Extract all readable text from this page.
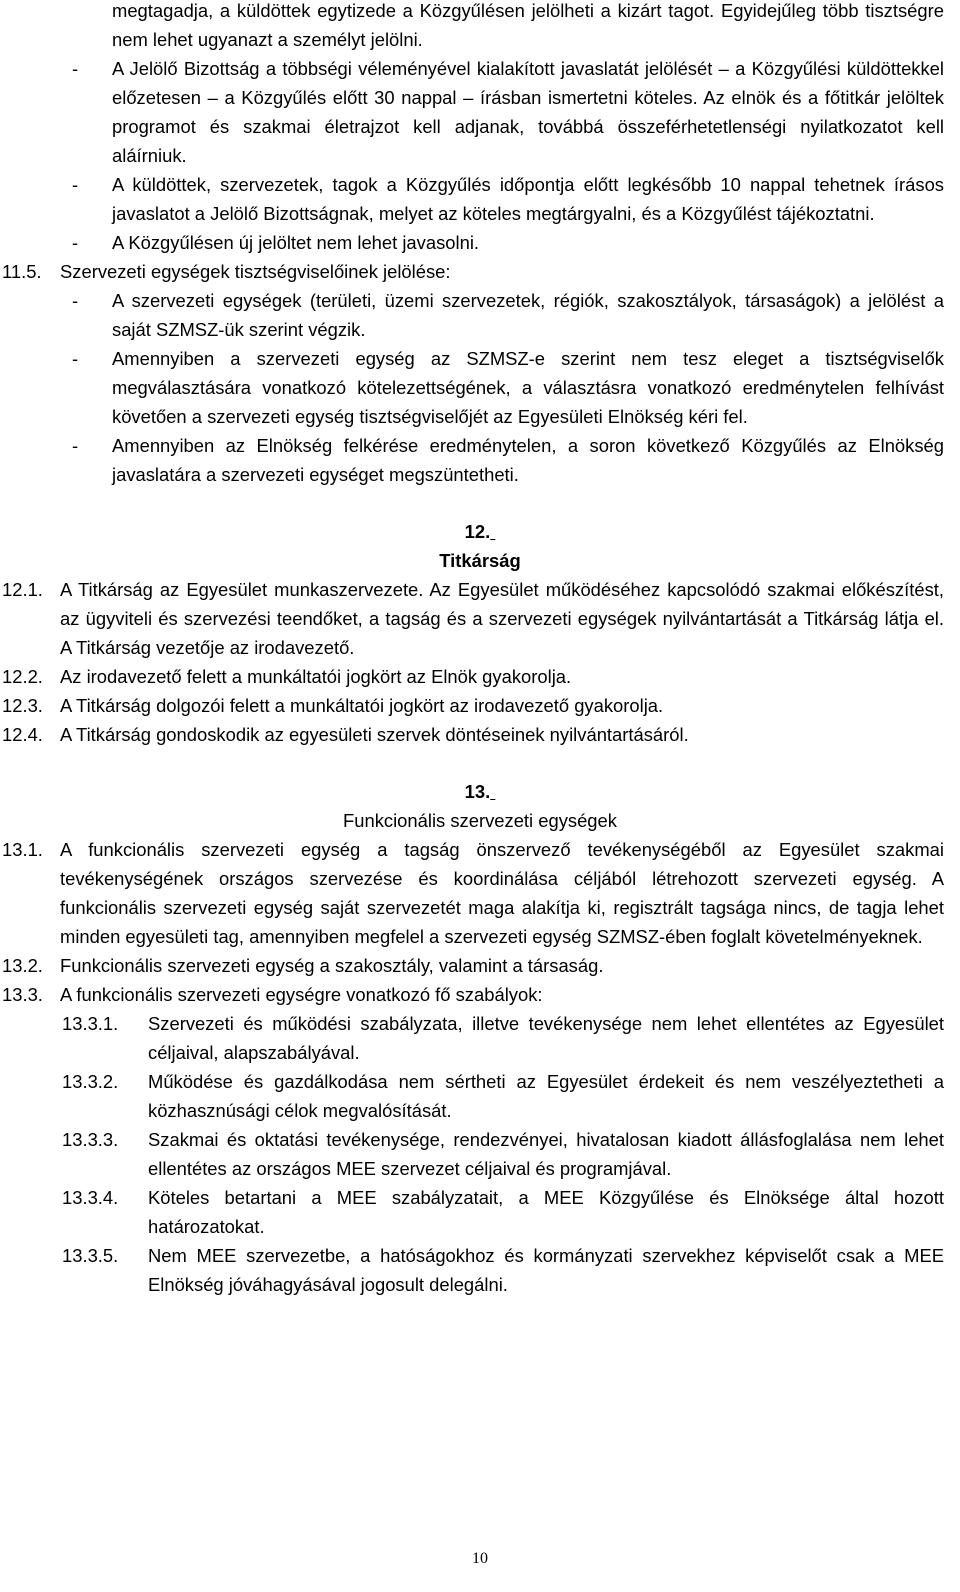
megtagadja, a küldöttek egytizede a Közgyűlésen jelölheti a kizárt tagot. Egyidejűleg több tisztségre nem lehet ugyanazt a személyt jelölni.
-	A Jelölő Bizottság a többségi véleményével kialakított javaslatát jelölését – a Közgyűlési küldöttekkel előzetesen – a Közgyűlés előtt 30 nappal – írásban ismertetni köteles. Az elnök és a főtitkár jelöltek programot és szakmai életrajzot kell adjanak, továbbá összeférhetetlenségi nyilatkozatot kell aláírniuk.
-	A küldöttek, szervezetek, tagok a Közgyűlés időpontja előtt legkésőbb 10 nappal tehetnek írásos javaslatot a Jelölő Bizottságnak, melyet az köteles megtárgyalni, és a Közgyűlést tájékoztatni.
-	A Közgyűlésen új jelöltet nem lehet javasolni.
11.5.	Szervezeti egységek tisztségviselőinek jelölése:
-	A szervezeti egységek (területi, üzemi szervezetek, régiók, szakosztályok, társaságok) a jelölést a saját SZMSZ-ük szerint végzik.
-	Amennyiben a szervezeti egység az SZMSZ-e szerint nem tesz eleget a tisztségviselők megválasztására vonatkozó kötelezettségének, a választásra vonatkozó eredménytelen felhívást követően a szervezeti egység tisztségviselőjét az Egyesületi Elnökség kéri fel.
-	Amennyiben az Elnökség felkérése eredménytelen, a soron következő Közgyűlés az Elnökség javaslatára a szervezeti egységet megszüntetheti.
12.
Titkárság
12.1. A Titkárság az Egyesület munkaszervezete. Az Egyesület működéséhez kapcsolódó szakmai előkészítést, az ügyviteli és szervezési teendőket, a tagság és a szervezeti egységek nyilvántartását a Titkárság látja el. A Titkárság vezetője az irodavezető.
12.2. Az irodavezető felett a munkáltatói jogkört az Elnök gyakorolja.
12.3. A Titkárság dolgozói felett a munkáltatói jogkört az irodavezető gyakorolja.
12.4. A Titkárság gondoskodik az egyesületi szervek döntéseinek nyilvántartásáról.
13.
Funkcionális szervezeti egységek
13.1. A funkcionális szervezeti egység a tagság önszervező tevékenységéből az Egyesület szakmai tevékenységének országos szervezése és koordinálása céljából létrehozott szervezeti egység. A funkcionális szervezeti egység saját szervezetét maga alakítja ki, regisztrált tagsága nincs, de tagja lehet minden egyesületi tag, amennyiben megfelel a szervezeti egység SZMSZ-ében foglalt követelményeknek.
13.2. Funkcionális szervezeti egység a szakosztály, valamint a társaság.
13.3. A funkcionális szervezeti egységre vonatkozó fő szabályok:
13.3.1.	Szervezeti és működési szabályzata, illetve tevékenysége nem lehet ellentétes az Egyesület céljaival, alapszabályával.
13.3.2.	Működése és gazdálkodása nem sértheti az Egyesület érdekeit és nem veszélyeztetheti a közhasznúsági célok megvalósítását.
13.3.3.	Szakmai és oktatási tevékenysége, rendezvényei, hivatalosan kiadott állásfoglalása nem lehet ellentétes az országos MEE szervezet céljaival és programjával.
13.3.4.	Köteles betartani a MEE szabályzatait, a MEE Közgyűlése és Elnöksége által hozott határozatokat.
13.3.5.	Nem MEE szervezetbe, a hatóságokhoz és kormányzati szervekhez képviselőt csak a MEE Elnökség jóváhagyásával jogosult delegálni.
10
